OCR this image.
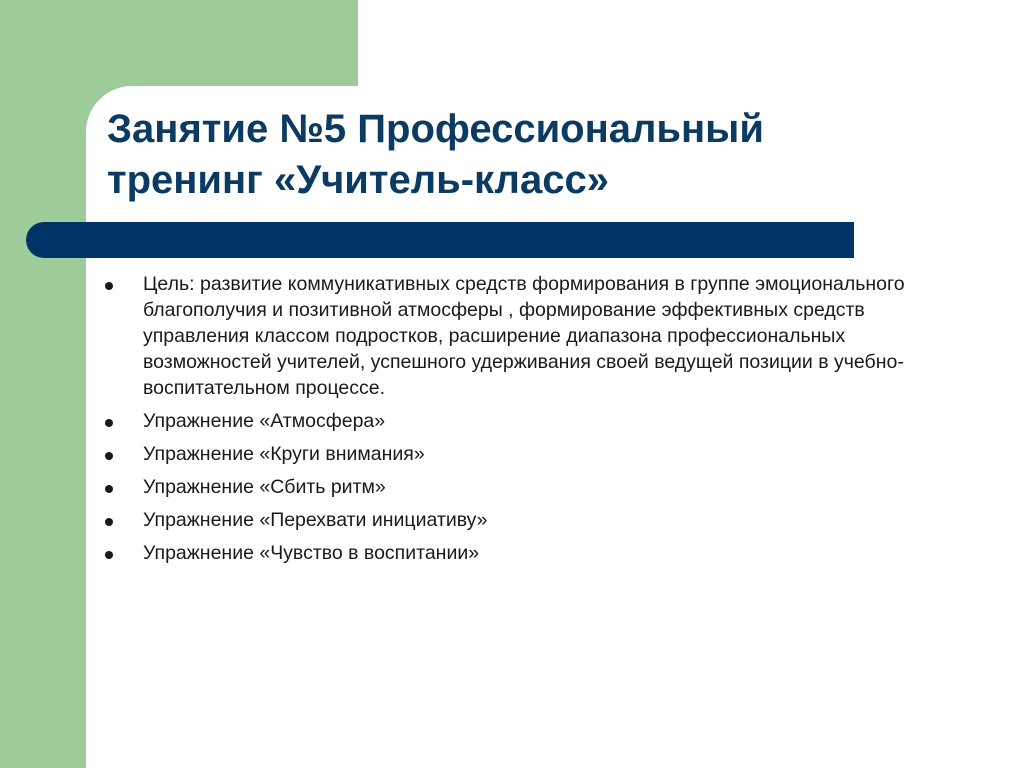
Занятие №5 Профессиональный
тренинг «Учитель-класс»
Цель: развитие коммуникативных средств формирования в группе эмоционального благополучия и позитивной атмосферы , формирование эффективных средств управления классом подростков, расширение диапазона профессиональных возможностей учителей, успешного удерживания своей ведущей позиции в учебно-воспитательном процессе.
Упражнение «Атмосфера»
Упражнение «Круги внимания»
Упражнение «Сбить ритм»
Упражнение «Перехвати инициативу»
Упражнение «Чувство в воспитании»
